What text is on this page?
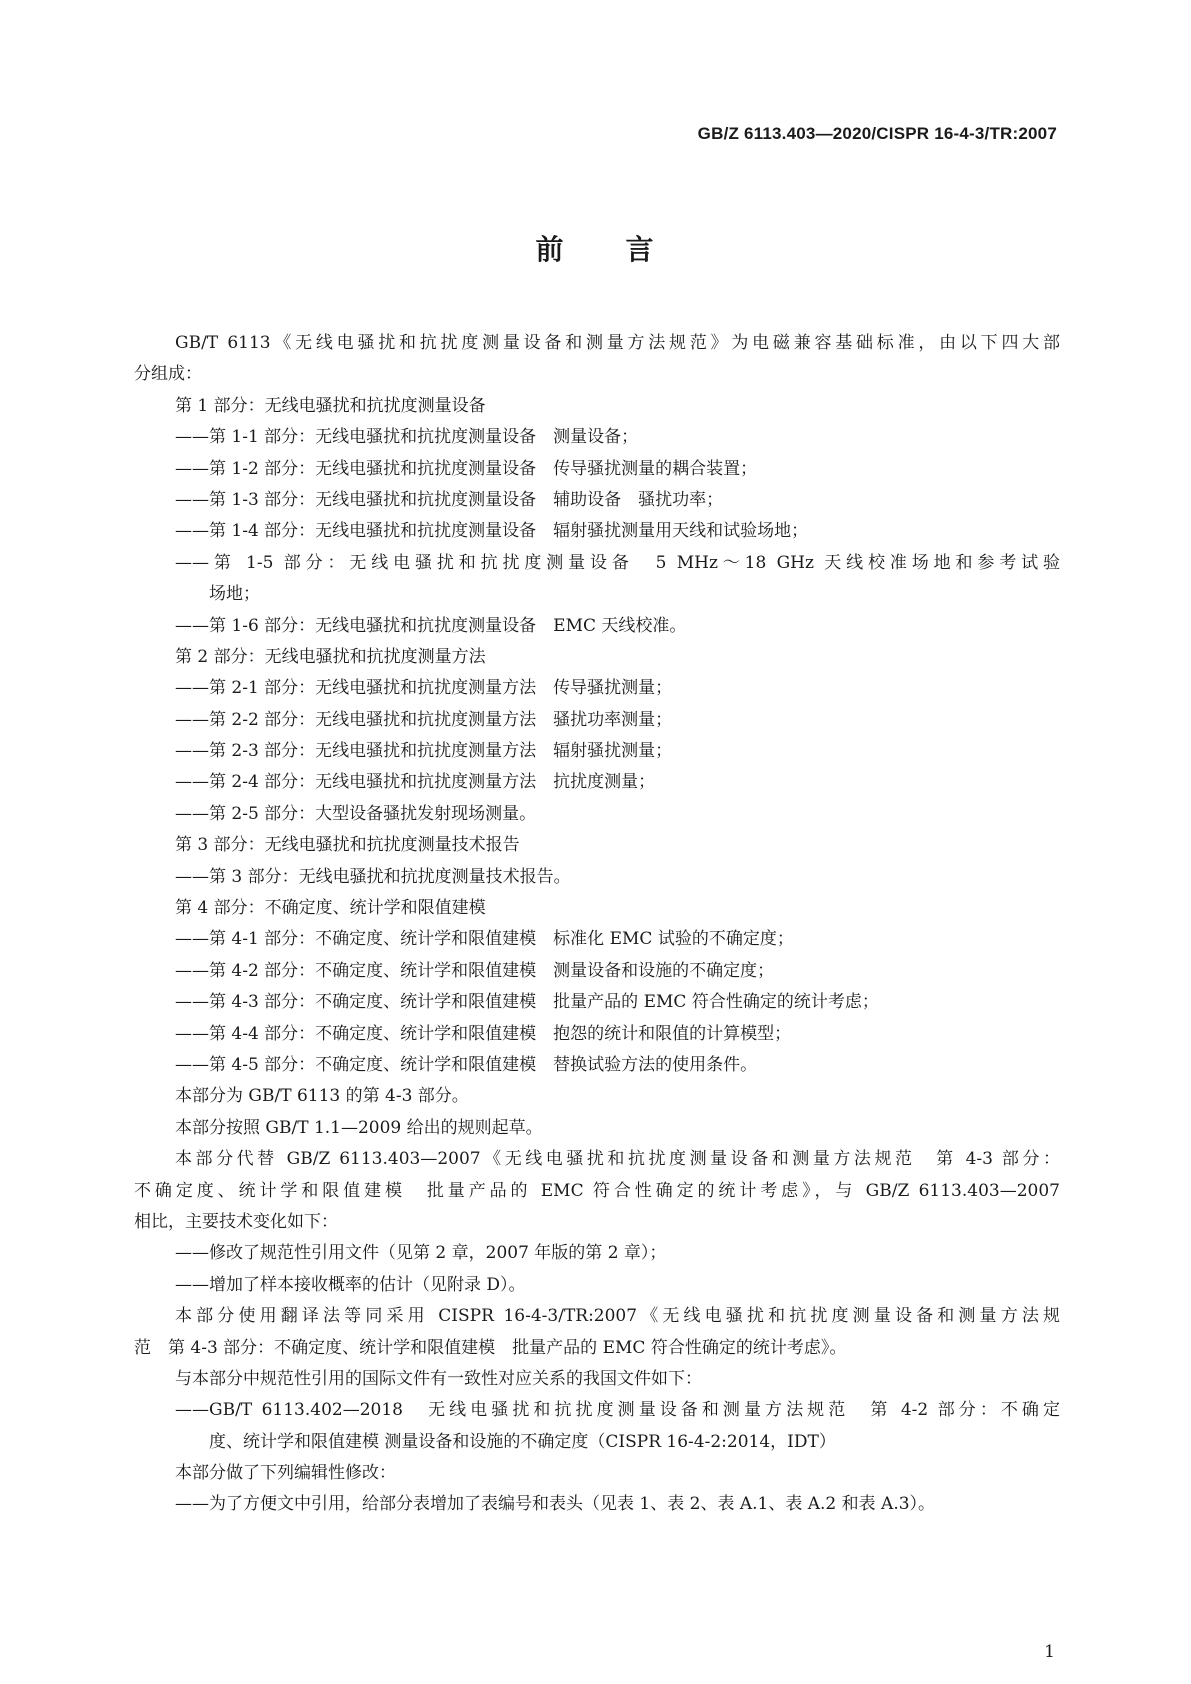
GB/Z 6113.403—2020/CISPR 16-4-3/TR:2007
前　　言
GB/T 6113《无线电骚扰和抗扰度测量设备和测量方法规范》为电磁兼容基础标准，由以下四大部
分组成：
第 1 部分：无线电骚扰和抗扰度测量设备
——第 1-1 部分：无线电骚扰和抗扰度测量设备　测量设备；
——第 1-2 部分：无线电骚扰和抗扰度测量设备　传导骚扰测量的耦合装置；
——第 1-3 部分：无线电骚扰和抗扰度测量设备　辅助设备　骚扰功率；
——第 1-4 部分：无线电骚扰和抗扰度测量设备　辐射骚扰测量用天线和试验场地；
——第 1-5 部分：无线电骚扰和抗扰度测量设备　5 MHz～18 GHz 天线校准场地和参考试验
场地；
——第 1-6 部分：无线电骚扰和抗扰度测量设备　EMC 天线校准。
第 2 部分：无线电骚扰和抗扰度测量方法
——第 2-1 部分：无线电骚扰和抗扰度测量方法　传导骚扰测量；
——第 2-2 部分：无线电骚扰和抗扰度测量方法　骚扰功率测量；
——第 2-3 部分：无线电骚扰和抗扰度测量方法　辐射骚扰测量；
——第 2-4 部分：无线电骚扰和抗扰度测量方法　抗扰度测量；
——第 2-5 部分：大型设备骚扰发射现场测量。
第 3 部分：无线电骚扰和抗扰度测量技术报告
——第 3 部分：无线电骚扰和抗扰度测量技术报告。
第 4 部分：不确定度、统计学和限值建模
——第 4-1 部分：不确定度、统计学和限值建模　标准化 EMC 试验的不确定度；
——第 4-2 部分：不确定度、统计学和限值建模　测量设备和设施的不确定度；
——第 4-3 部分：不确定度、统计学和限值建模　批量产品的 EMC 符合性确定的统计考虑；
——第 4-4 部分：不确定度、统计学和限值建模　抱怨的统计和限值的计算模型；
——第 4-5 部分：不确定度、统计学和限值建模　替换试验方法的使用条件。
本部分为 GB/T 6113 的第 4-3 部分。
本部分按照 GB/T 1.1—2009 给出的规则起草。
本部分代替 GB/Z 6113.403—2007《无线电骚扰和抗扰度测量设备和测量方法规范　第 4-3 部分：
不确定度、统计学和限值建模　批量产品的 EMC 符合性确定的统计考虑》，与 GB/Z 6113.403—2007
相比，主要技术变化如下：
——修改了规范性引用文件（见第 2 章，2007 年版的第 2 章）；
——增加了样本接收概率的估计（见附录 D）。
本部分使用翻译法等同采用 CISPR 16-4-3/TR:2007《无线电骚扰和抗扰度测量设备和测量方法规
范　第 4-3 部分：不确定度、统计学和限值建模　批量产品的 EMC 符合性确定的统计考虑》。
与本部分中规范性引用的国际文件有一致性对应关系的我国文件如下：
——GB/T 6113.402—2018　无线电骚扰和抗扰度测量设备和测量方法规范　第 4-2 部分：不确定
度、统计学和限值建模 测量设备和设施的不确定度（CISPR 16-4-2:2014，IDT）
本部分做了下列编辑性修改：
——为了方便文中引用，给部分表增加了表编号和表头（见表 1、表 2、表 A.1、表 A.2 和表 A.3）。
1
